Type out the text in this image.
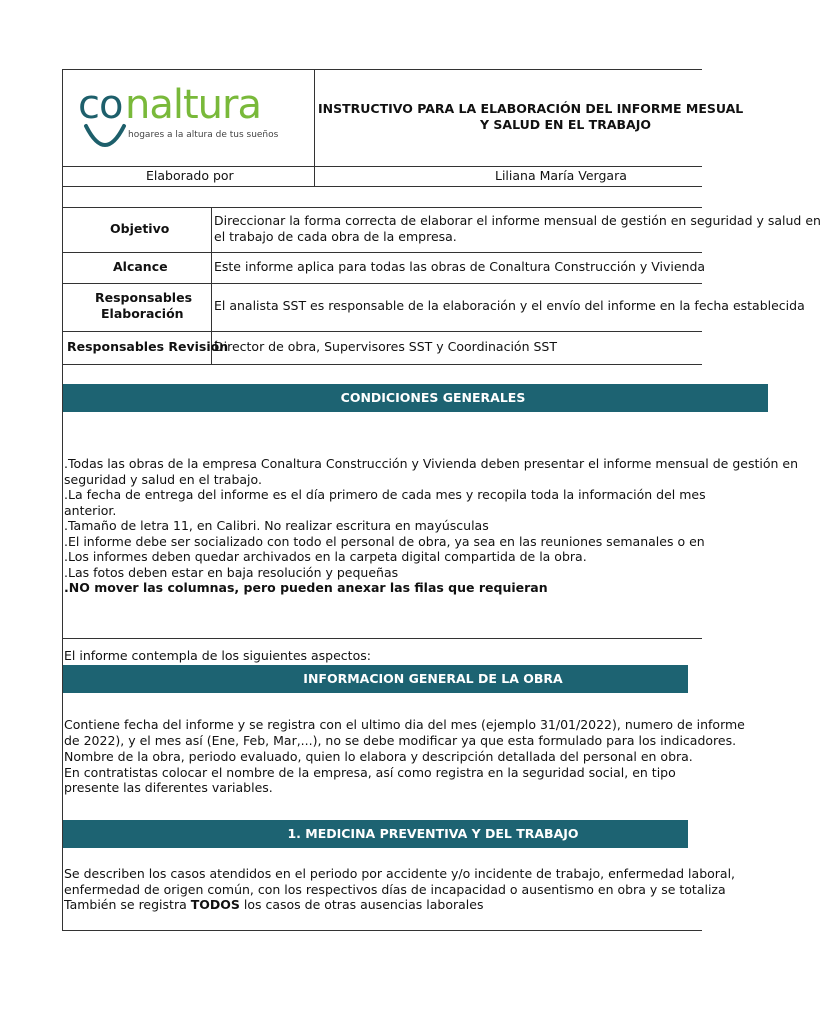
co naltura
hogares a la altura de tus sueños
INSTRUCTIVO PARA LA ELABORACIÓN DEL INFORME MESUAL
Y SALUD EN EL TRABAJO
Elaborado por	Liliana María Vergara
Objetivo
Direccionar la forma correcta de elaborar el informe mensual de gestión en seguridad y salud en
el trabajo de cada obra de la empresa.
Alcance	Este informe aplica para todas las obras de Conaltura Construcción y Vivienda
Responsables
Elaboración
El analista SST es responsable de la elaboración y el envío del informe en la fecha establecida
Responsables Revisión
Director de obra, Supervisores SST y Coordinación SST
.Todas las obras de la empresa Conaltura Construcción y Vivienda deben presentar el informe mensual de gestión en
seguridad y salud en el trabajo.
.La fecha de entrega del informe es el día primero de cada mes y recopila toda la información del mes
anterior.
.Tamaño de letra 11, en Calibri. No realizar escritura en mayúsculas
.El informe debe ser socializado con todo el personal de obra, ya sea en las reuniones semanales o en
.Los informes deben quedar archivados en la carpeta digital compartida de la obra.
.Las fotos deben estar en baja resolución y pequeñas
.NO mover las columnas, pero pueden anexar las filas que requieran
El informe contempla de los siguientes aspectos:
Contiene fecha del informe y se registra con el ultimo dia del mes (ejemplo 31/01/2022), numero de informe
de 2022), y el mes así (Ene, Feb, Mar,...), no se debe modificar ya que esta formulado para los indicadores.
Nombre de la obra, periodo evaluado, quien lo elabora y descripción detallada del personal en obra.
En contratistas colocar el nombre de la empresa, así como registra en la seguridad social, en tipo
presente las diferentes variables.
Se describen los casos atendidos en el periodo por accidente y/o incidente de trabajo, enfermedad laboral,
enfermedad de origen común, con los respectivos días de incapacidad o ausentismo en obra y se totaliza
También se registra TODOS los casos de otras ausencias laborales
CONDICIONES GENERALES
INFORMACION GENERAL DE LA OBRA
1. MEDICINA PREVENTIVA Y DEL TRABAJO
